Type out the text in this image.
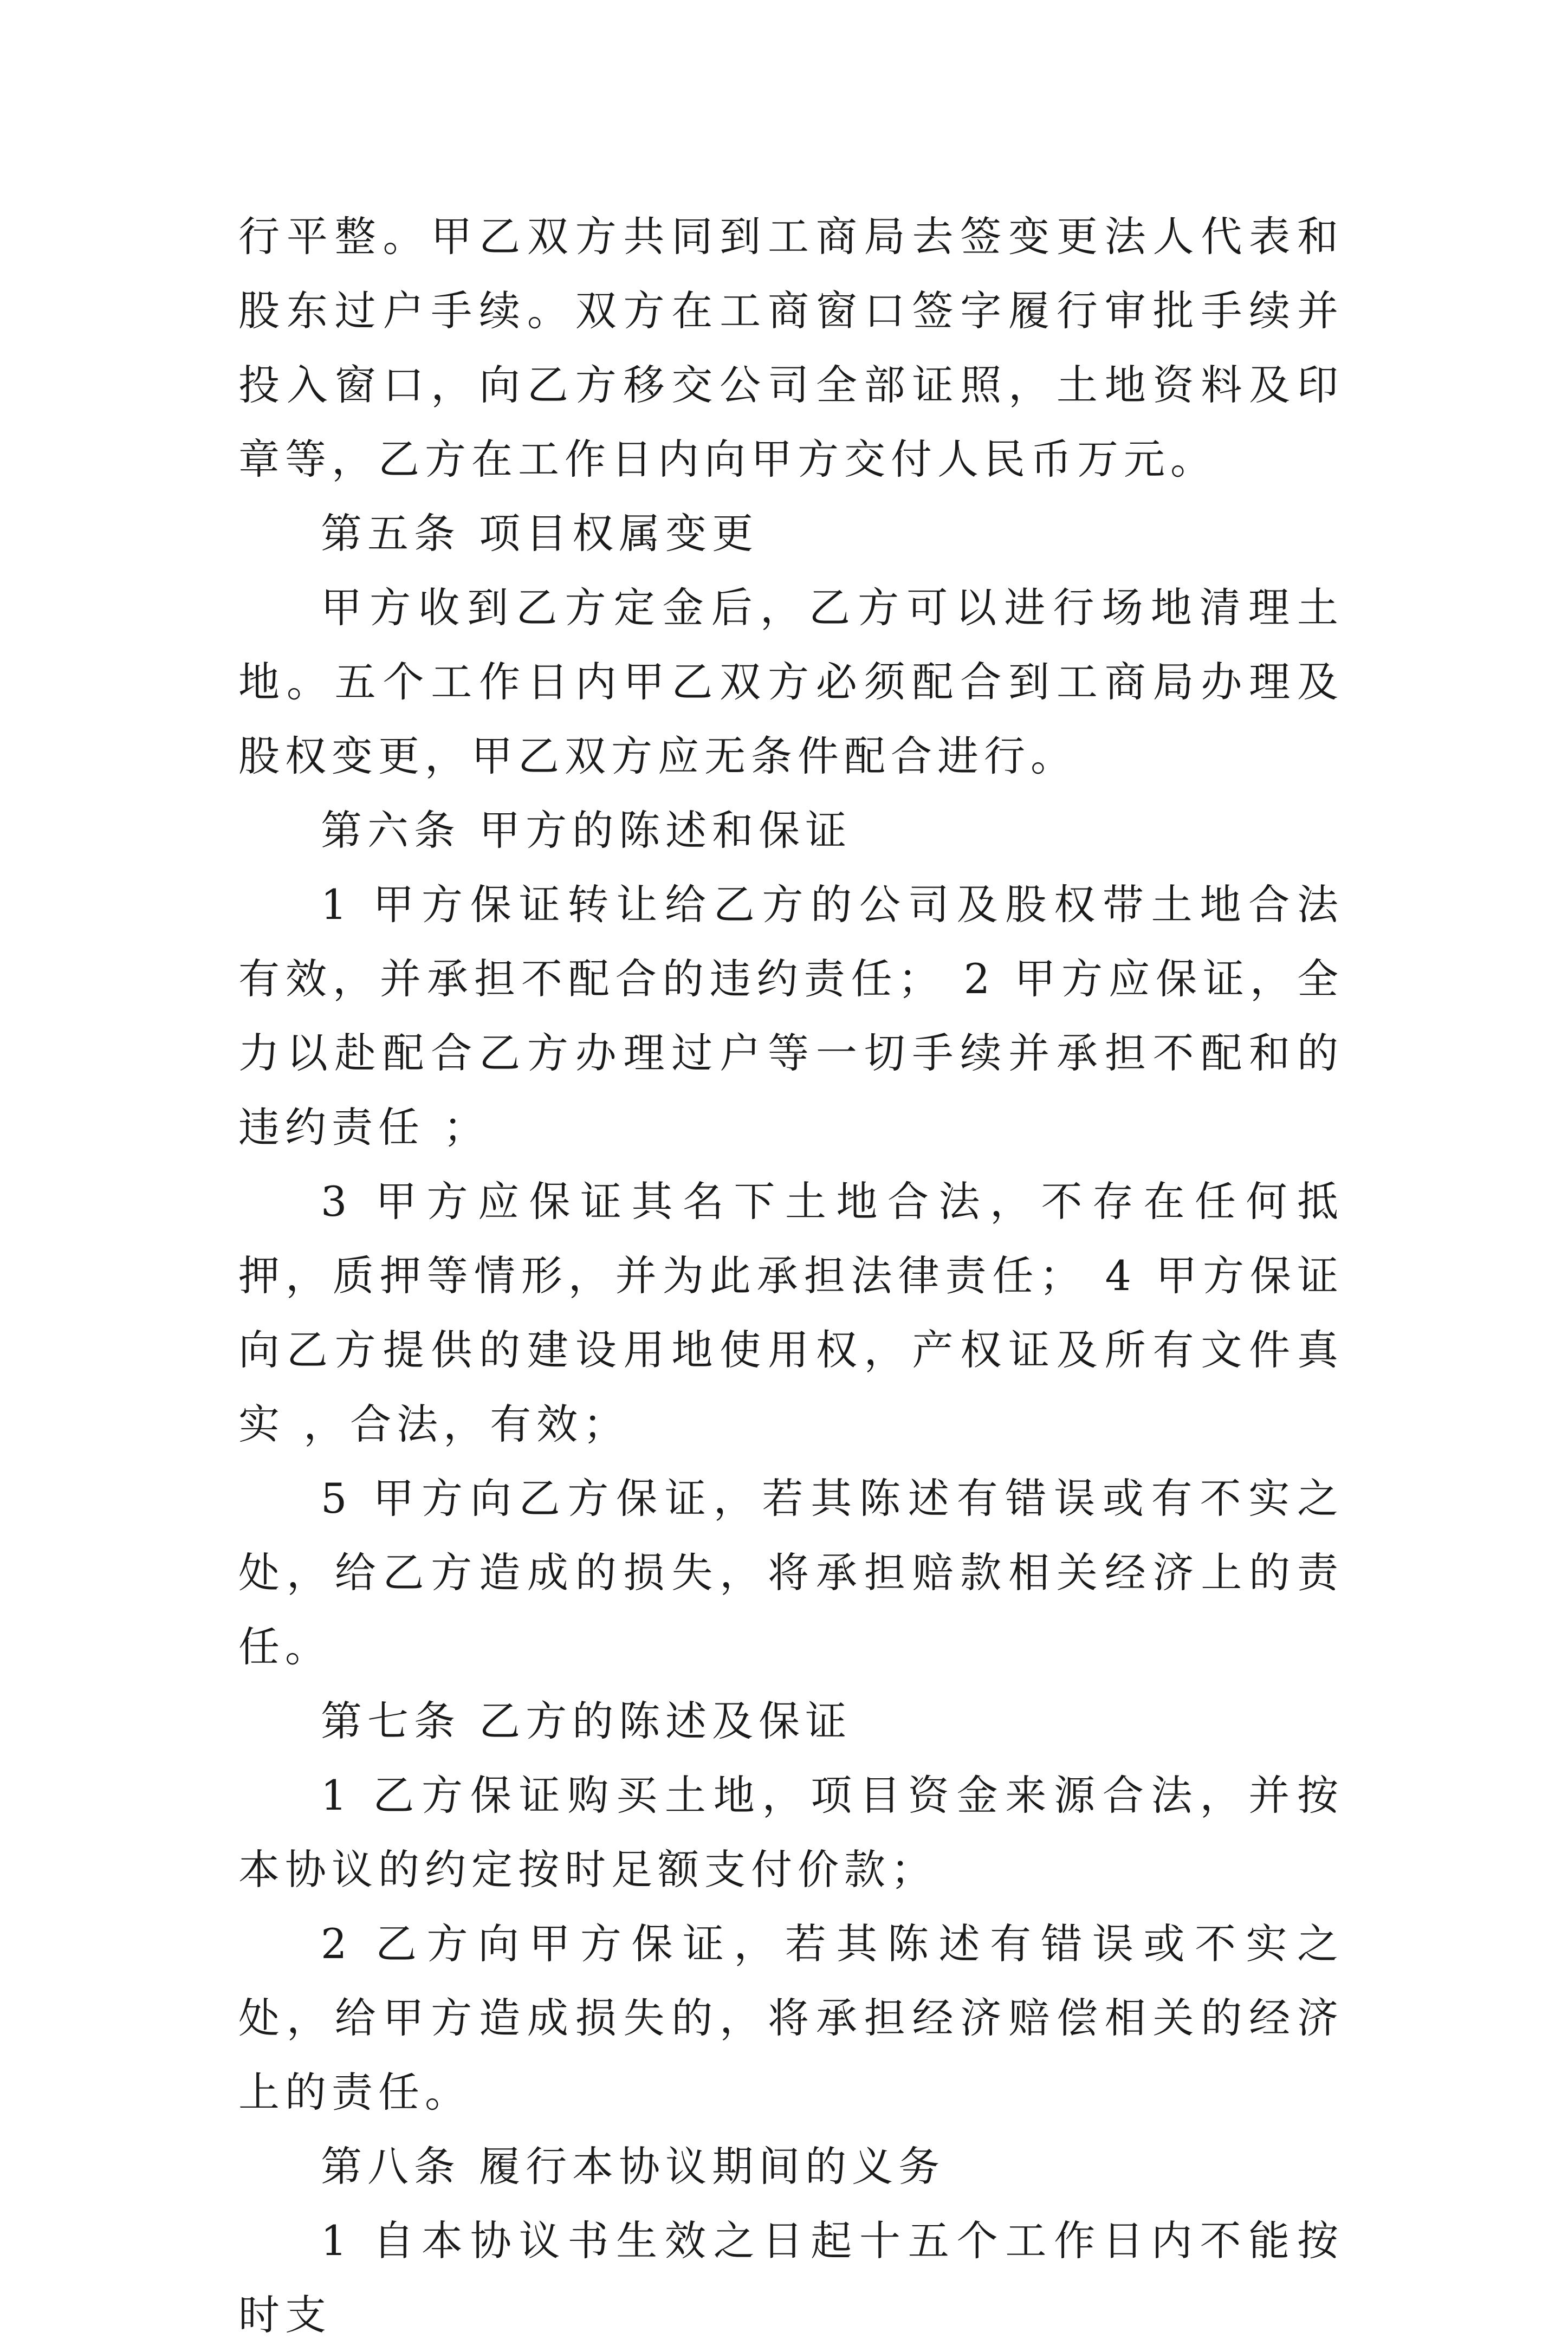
行平整。甲乙双方共同到工商局去签变更法人代表和股东过户手续。双方在工商窗口签字履行审批手续并投入窗口，向乙方移交公司全部证照，土地资料及印章等，乙方在工作日内向甲方交付人民币万元。

第五条 项目权属变更

甲方收到乙方定金后，乙方可以进行场地清理土地。五个工作日内甲乙双方必须配合到工商局办理及股权变更，甲乙双方应无条件配合进行。

第六条 甲方的陈述和保证

1 甲方保证转让给乙方的公司及股权带土地合法有效，并承担不配合的违约责任； 2 甲方应保证，全力以赴配合乙方办理过户等一切手续并承担不配和的违约责任 ；

3 甲方应保证其名下土地合法，不存在任何抵押，质押等情形，并为此承担法律责任； 4 甲方保证向乙方提供的建设用地使用权，产权证及所有文件真实 ，合法，有效；

5 甲方向乙方保证，若其陈述有错误或有不实之处，给乙方造成的损失，将承担赔款相关经济上的责任。

第七条 乙方的陈述及保证

1 乙方保证购买土地，项目资金来源合法，并按本协议的约定按时足额支付价款；

2 乙方向甲方保证，若其陈述有错误或不实之处，给甲方造成损失的，将承担经济赔偿相关的经济上的责任。

第八条 履行本协议期间的义务

1 自本协议书生效之日起十五个工作日内不能按时支
